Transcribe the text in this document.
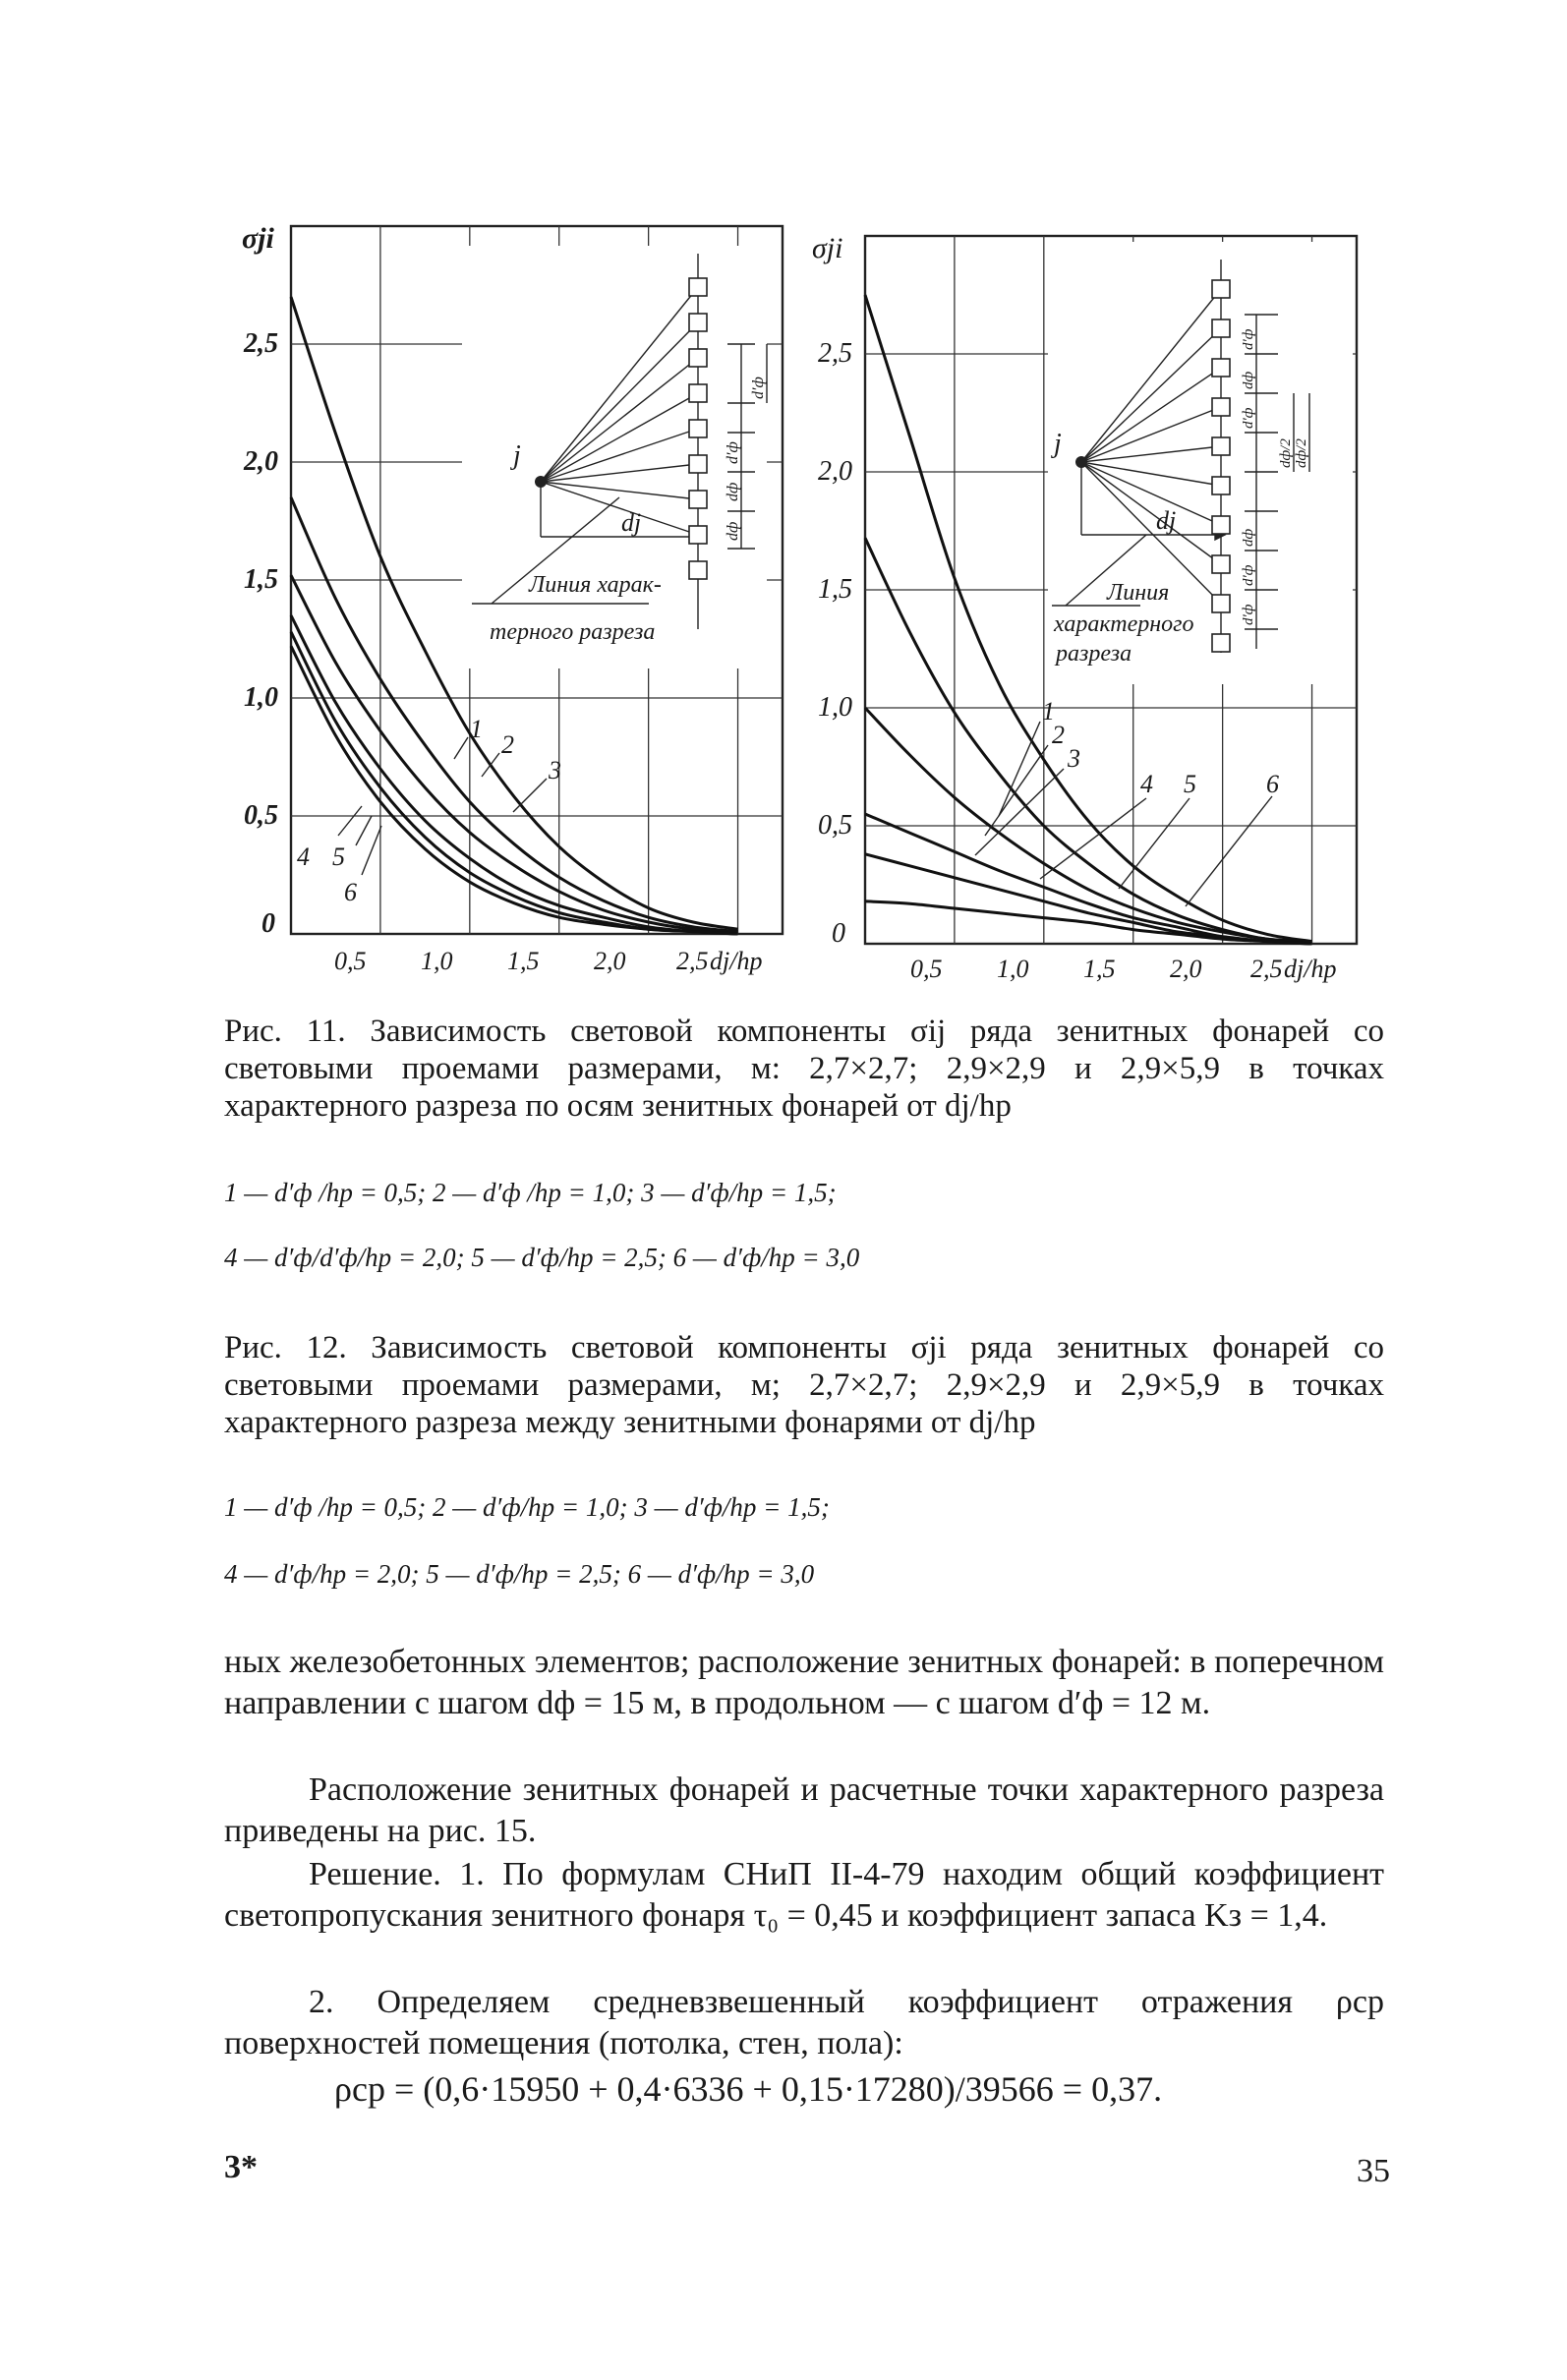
σji
2,5
2,0
1,5
1,0
0,5
0
0,5 1,0 1,5 2,0 2,5 dj/hp
1
2
3
4 5
6
j
dj
Линия харак-
терного разреза
dф
dф
d′ф
d′ф
σji
2,5
2,0
1,5
1,0
0,5
0
0,5 1,0 1,5 2,0 2,5 dj/hp
1
2
3
4 5	6
j
dj
Линия
характерного
разреза
d′ф
dф
d′ф
dф/2 dф/2
dф
d′ф
d′ф
Рис. 11. Зависимость световой компоненты σij ряда зенитных фонарей со световыми проемами размерами, м: 2,7×2,7; 2,9×2,9 и 2,9×5,9 в точках характерного разреза по осям зенитных фонарей от dj/hp
1 — d′ф /hр = 0,5; 2 — d′ф /hр = 1,0; 3 — d′ф/hр = 1,5;
4 — d′ф/d′ф/hр = 2,0; 5 — d′ф/hр = 2,5; 6 — d′ф/hр = 3,0
Рис. 12. Зависимость световой компоненты σji ряда зенитных фонарей со световыми проемами размерами, м; 2,7×2,7; 2,9×2,9 и 2,9×5,9 в точках характерного разреза между зенитными фонарями от dj/hp
1 — d′ф /hр = 0,5; 2 — d′ф/hр = 1,0; 3 — d′ф/hр = 1,5;
4 — d′ф/hр = 2,0; 5 — d′ф/hр = 2,5; 6 — d′ф/hр = 3,0
ных железобетонных элементов; расположение зенитных фонарей: в поперечном направлении с шагом dф = 15 м, в продольном — с шагом d′ф = 12 м.
Расположение зенитных фонарей и расчетные точки характерного разреза приведены на рис. 15.
Решение. 1. По формулам СНиП II-4-79 находим общий коэффициент светопропускания зенитного фонаря τ₀ = 0,45 и коэффициент запаса Kз = 1,4.
2. Определяем средневзвешенный коэффициент отражения ρср поверхностей помещения (потолка, стен, пола):
ρср = (0,6·15950 + 0,4·6336 + 0,15·17280)/39566 = 0,37.
3*	35
